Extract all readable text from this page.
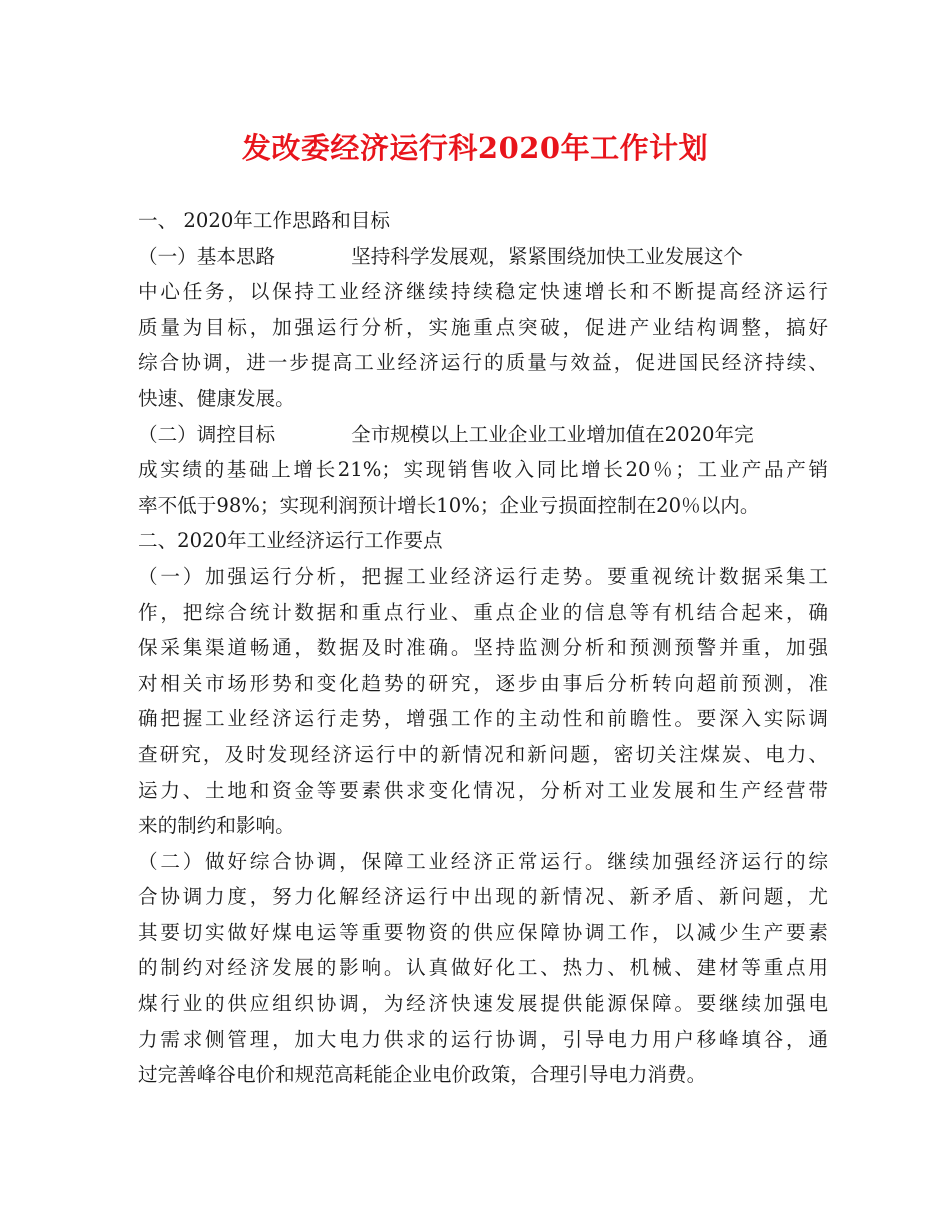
发改委经济运行科2020年工作计划
一、 2020年工作思路和目标
（一）基本思路	坚持科学发展观，紧紧围绕加快工业发展这个
中心任务，以保持工业经济继续持续稳定快速增长和不断提高经济运行
质量为目标，加强运行分析，实施重点突破，促进产业结构调整，搞好
综合协调，进一步提高工业经济运行的质量与效益，促进国民经济持续、
快速、健康发展。
（二）调控目标	全市规模以上工业企业工业增加值在2020年完
成实绩的基础上增长21%；实现销售收入同比增长20％；工业产品产销
率不低于98%；实现利润预计增长10%；企业亏损面控制在20％以内。
二、2020年工业经济运行工作要点
（一）加强运行分析，把握工业经济运行走势。要重视统计数据采集工
作，把综合统计数据和重点行业、重点企业的信息等有机结合起来，确
保采集渠道畅通，数据及时准确。坚持监测分析和预测预警并重，加强
对相关市场形势和变化趋势的研究，逐步由事后分析转向超前预测，准
确把握工业经济运行走势，增强工作的主动性和前瞻性。要深入实际调
查研究，及时发现经济运行中的新情况和新问题，密切关注煤炭、电力、
运力、土地和资金等要素供求变化情况，分析对工业发展和生产经营带
来的制约和影响。
（二）做好综合协调，保障工业经济正常运行。继续加强经济运行的综
合协调力度，努力化解经济运行中出现的新情况、新矛盾、新问题，尤
其要切实做好煤电运等重要物资的供应保障协调工作，以减少生产要素
的制约对经济发展的影响。认真做好化工、热力、机械、建材等重点用
煤行业的供应组织协调，为经济快速发展提供能源保障。要继续加强电
力需求侧管理，加大电力供求的运行协调，引导电力用户移峰填谷，通
过完善峰谷电价和规范高耗能企业电价政策，合理引导电力消费。
